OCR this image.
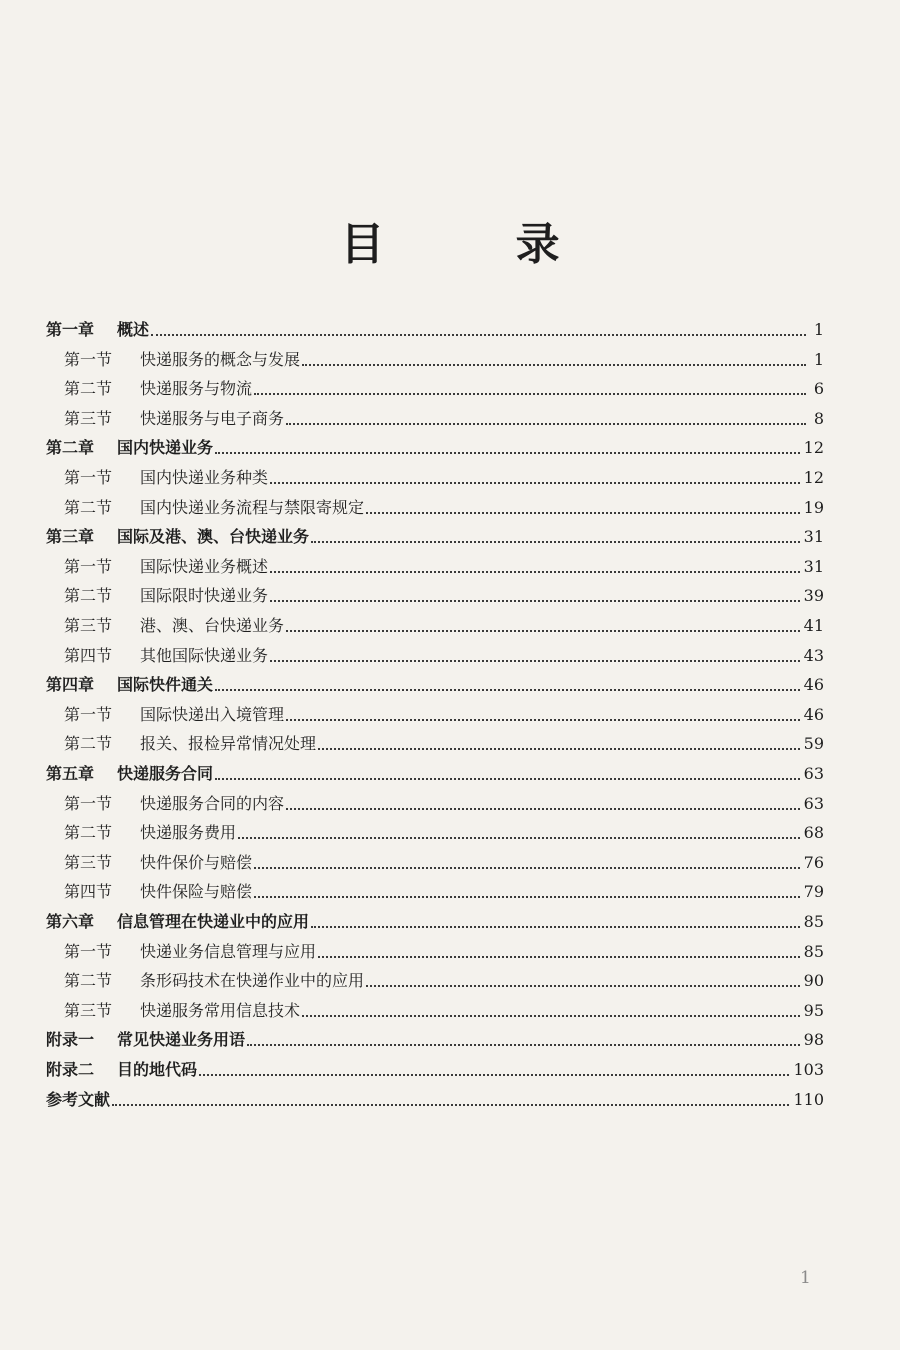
目 录
第一章 概述	1
第一节 快递服务的概念与发展	1
第二节 快递服务与物流	6
第三节 快递服务与电子商务	8
第二章 国内快递业务	12
第一节 国内快递业务种类	12
第二节 国内快递业务流程与禁限寄规定	19
第三章 国际及港、澳、台快递业务	31
第一节 国际快递业务概述	31
第二节 国际限时快递业务	39
第三节 港、澳、台快递业务	41
第四节 其他国际快递业务	43
第四章 国际快件通关	46
第一节 国际快递出入境管理	46
第二节 报关、报检异常情况处理	59
第五章 快递服务合同	63
第一节 快递服务合同的内容	63
第二节 快递服务费用	68
第三节 快件保价与赔偿	76
第四节 快件保险与赔偿	79
第六章 信息管理在快递业中的应用	85
第一节 快递业务信息管理与应用	85
第二节 条形码技术在快递作业中的应用	90
第三节 快递服务常用信息技术	95
附录一 常见快递业务用语	98
附录二 目的地代码	103
参考文献	110
1
